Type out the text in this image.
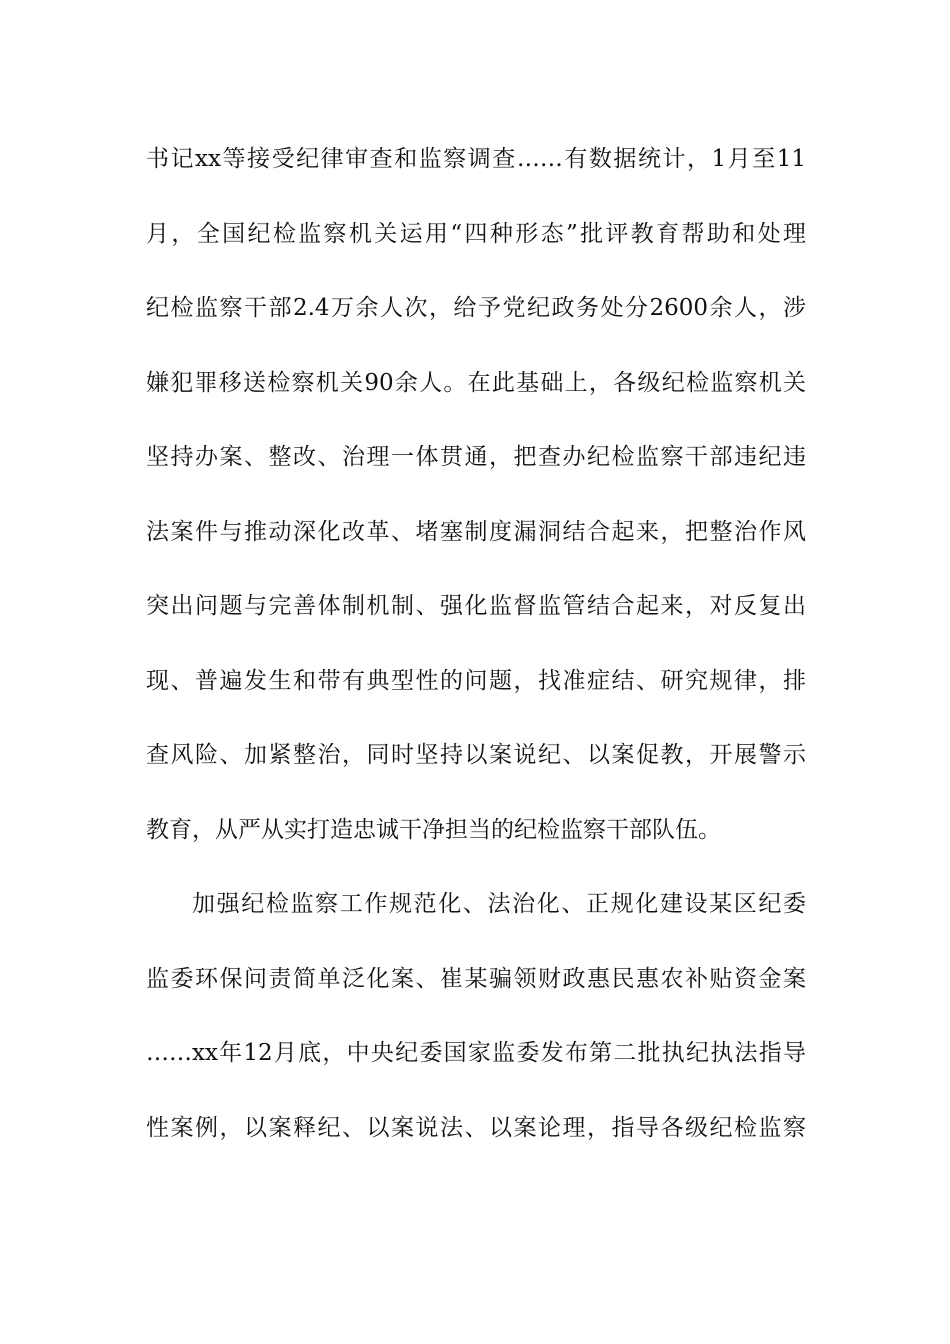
书记xx等接受纪律审查和监察调查……有数据统计，1月至11
月，全国纪检监察机关运用“四种形态”批评教育帮助和处理
纪检监察干部2.4万余人次，给予党纪政务处分2600余人，涉
嫌犯罪移送检察机关90余人。在此基础上，各级纪检监察机关
坚持办案、整改、治理一体贯通，把查办纪检监察干部违纪违
法案件与推动深化改革、堵塞制度漏洞结合起来，把整治作风
突出问题与完善体制机制、强化监督监管结合起来，对反复出
现、普遍发生和带有典型性的问题，找准症结、研究规律，排
查风险、加紧整治，同时坚持以案说纪、以案促教，开展警示
教育，从严从实打造忠诚干净担当的纪检监察干部队伍。
加强纪检监察工作规范化、法治化、正规化建设某区纪委
监委环保问责简单泛化案、崔某骗领财政惠民惠农补贴资金案
……xx年12月底，中央纪委国家监委发布第二批执纪执法指导
性案例，以案释纪、以案说法、以案论理，指导各级纪检监察
